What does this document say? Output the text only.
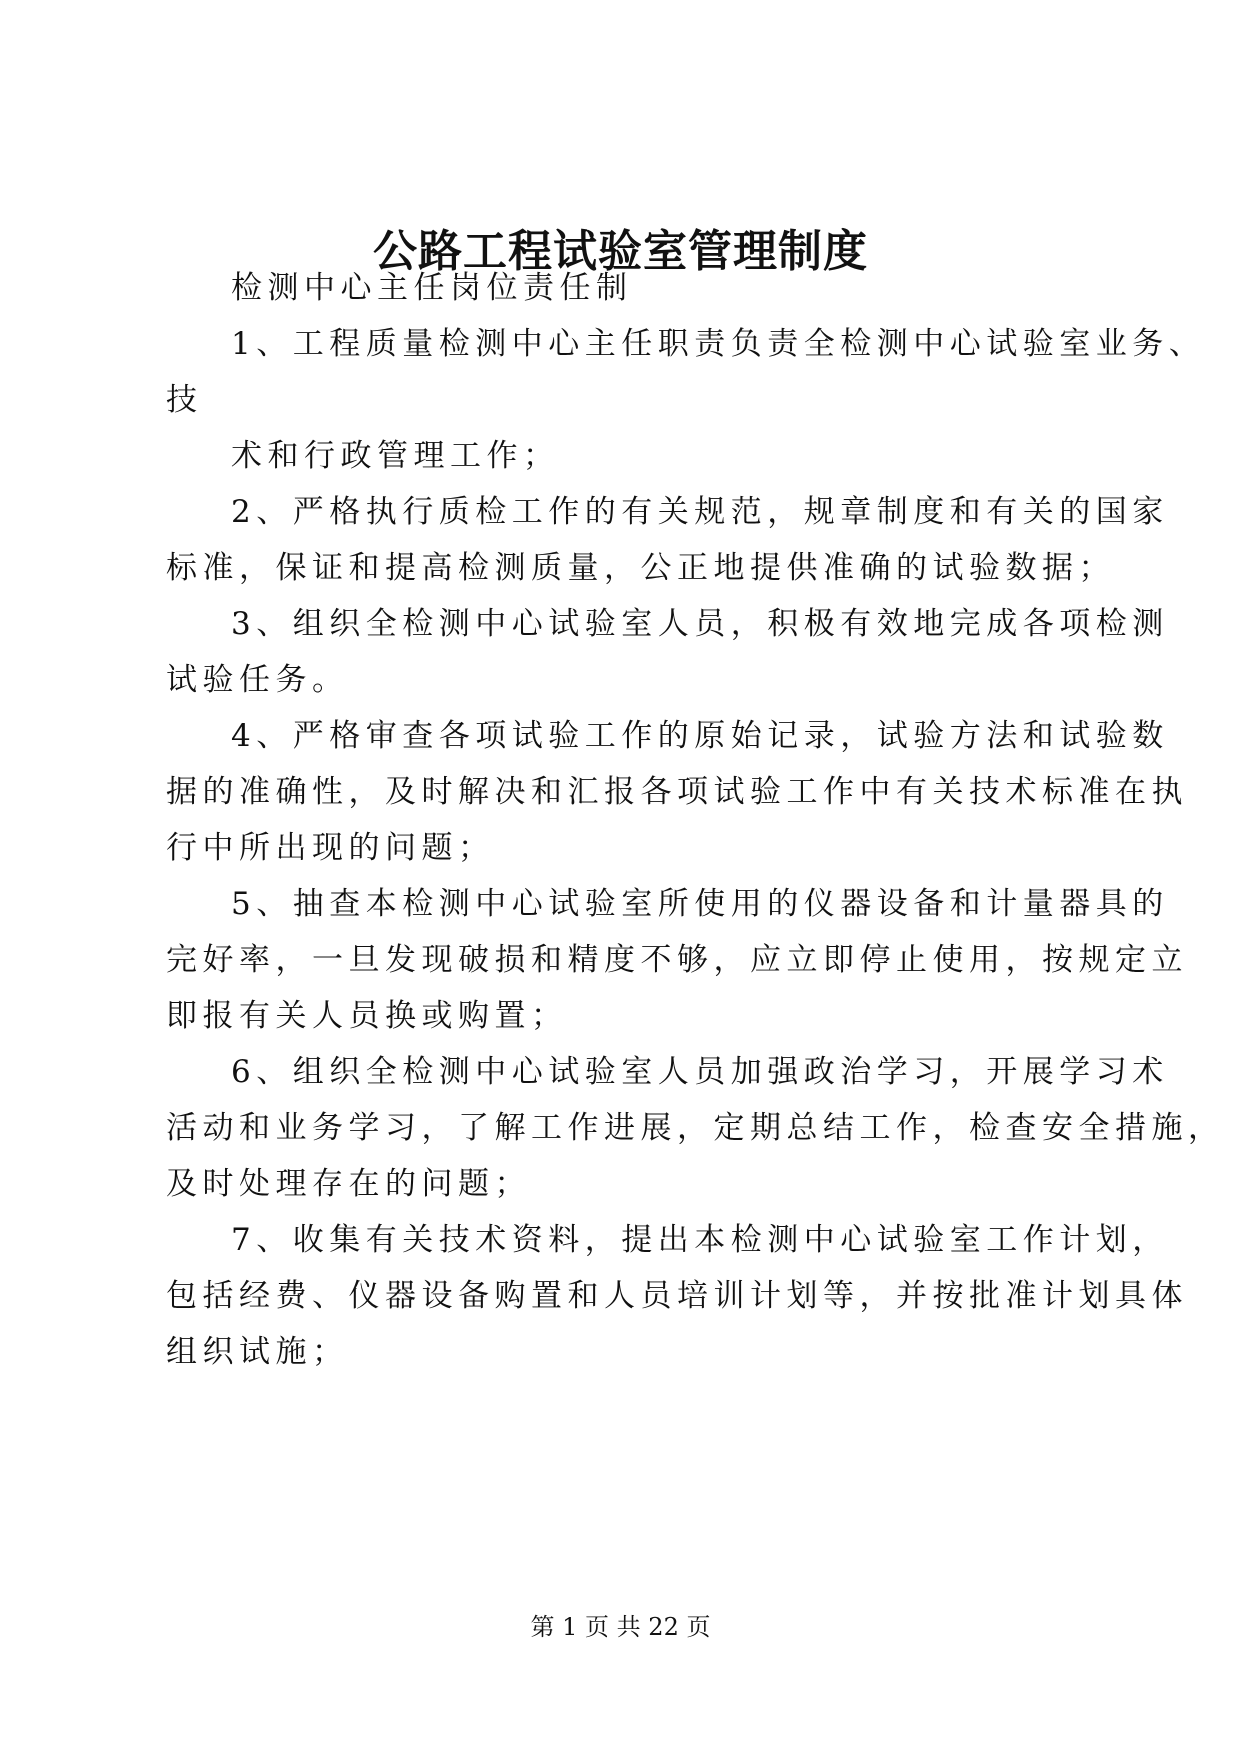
公路工程试验室管理制度
检测中心主任岗位责任制
1、工程质量检测中心主任职责负责全检测中心试验室业务、
技
术和行政管理工作；
2、严格执行质检工作的有关规范，规章制度和有关的国家
标准，保证和提高检测质量，公正地提供准确的试验数据；
3、组织全检测中心试验室人员，积极有效地完成各项检测
试验任务。
4、严格审查各项试验工作的原始记录，试验方法和试验数
据的准确性，及时解决和汇报各项试验工作中有关技术标准在执
行中所出现的问题；
5、抽查本检测中心试验室所使用的仪器设备和计量器具的
完好率，一旦发现破损和精度不够，应立即停止使用，按规定立
即报有关人员换或购置；
6、组织全检测中心试验室人员加强政治学习，开展学习术
活动和业务学习，了解工作进展，定期总结工作，检查安全措施，
及时处理存在的问题；
7、收集有关技术资料，提出本检测中心试验室工作计划，
包括经费、仪器设备购置和人员培训计划等，并按批准计划具体
组织试施；
第 1 页 共 22 页
